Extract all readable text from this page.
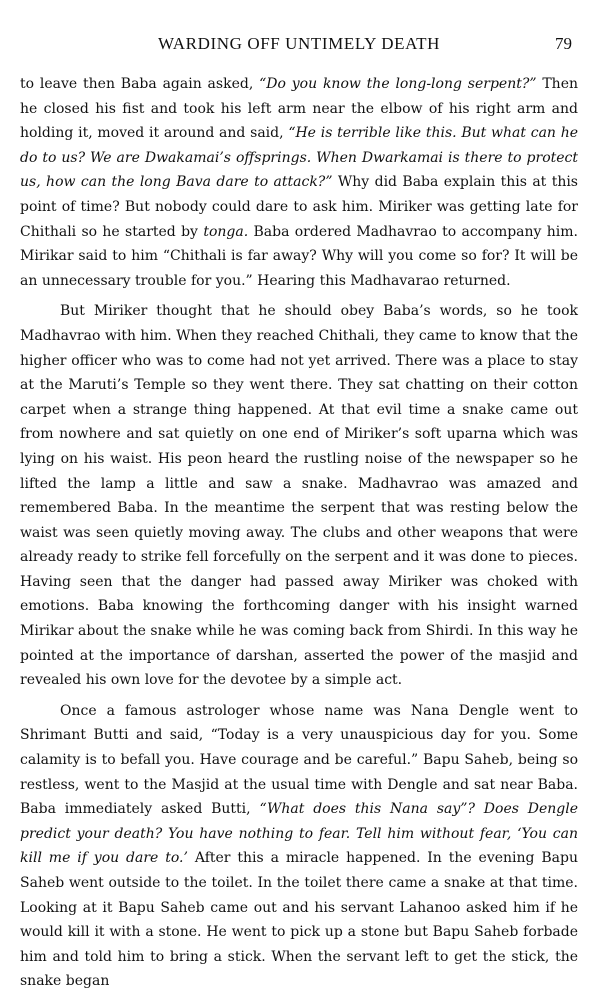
WARDING OFF UNTIMELY DEATH	79

to leave then Baba again asked, “Do you know the long-long serpent?” Then he closed his fist and took his left arm near the elbow of his right arm and holding it, moved it around and said, “He is terrible like this. But what can he do to us? We are Dwakamai’s offsprings. When Dwarkamai is there to protect us, how can the long Bava dare to attack?” Why did Baba explain this at this point of time? But nobody could dare to ask him. Miriker was getting late for Chithali so he started by tonga. Baba ordered Madhavrao to accompany him. Mirikar said to him “Chithali is far away? Why will you come so for? It will be an unnecessary trouble for you.” Hearing this Madhavarao returned.

But Miriker thought that he should obey Baba’s words, so he took Madhavrao with him. When they reached Chithali, they came to know that the higher officer who was to come had not yet arrived. There was a place to stay at the Maruti’s Temple so they went there. They sat chatting on their cotton carpet when a strange thing happened. At that evil time a snake came out from nowhere and sat quietly on one end of Miriker’s soft uparna which was lying on his waist. His peon heard the rustling noise of the newspaper so he lifted the lamp a little and saw a snake. Madhavrao was amazed and remembered Baba. In the meantime the serpent that was resting below the waist was seen quietly moving away. The clubs and other weapons that were already ready to strike fell forcefully on the serpent and it was done to pieces. Having seen that the danger had passed away Miriker was choked with emotions. Baba knowing the forthcoming danger with his insight warned Mirikar about the snake while he was coming back from Shirdi. In this way he pointed at the importance of darshan, asserted the power of the masjid and revealed his own love for the devotee by a simple act.

Once a famous astrologer whose name was Nana Dengle went to Shrimant Butti and said, “Today is a very unauspicious day for you. Some calamity is to befall you. Have courage and be careful.” Bapu Saheb, being so restless, went to the Masjid at the usual time with Dengle and sat near Baba. Baba immediately asked Butti, “What does this Nana say”? Does Dengle predict your death? You have nothing to fear. Tell him without fear, ‘You can kill me if you dare to.’ After this a miracle happened. In the evening Bapu Saheb went outside to the toilet. In the toilet there came a snake at that time. Looking at it Bapu Saheb came out and his servant Lahanoo asked him if he would kill it with a stone. He went to pick up a stone but Bapu Saheb forbade him and told him to bring a stick. When the servant left to get the stick, the snake began
